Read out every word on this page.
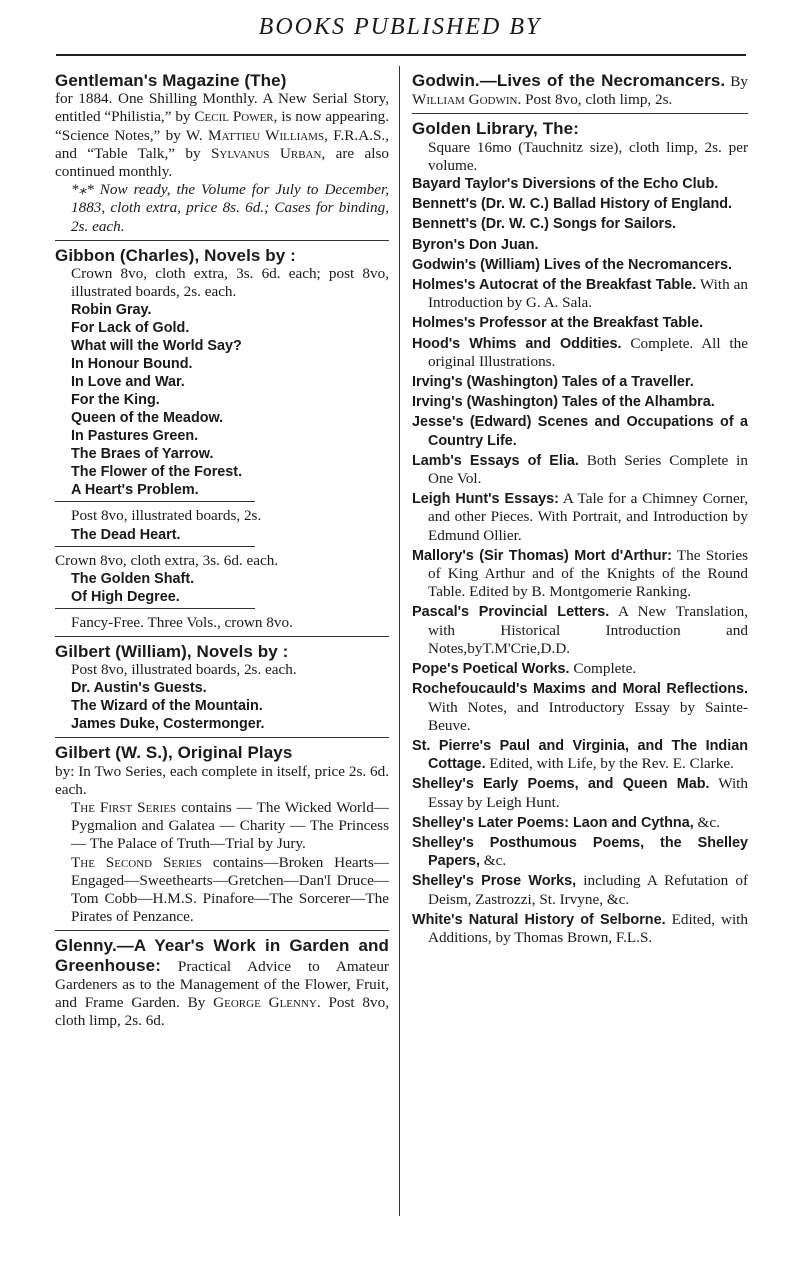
BOOKS PUBLISHED BY
Gentleman's Magazine (The)

for 1884. One Shilling Monthly. A New Serial Story, entitled “Philistia,” by Cecil Power, is now appearing. “Science Notes,” by W. Mattieu Williams, F.R.A.S., and “Table Talk,” by Sylvanus Urban, are also continued monthly.

*⁎* Now ready, the Volume for July to December, 1883, cloth extra, price 8s. 6d.; Cases for binding, 2s. each.

Gibbon (Charles), Novels by :

Crown 8vo, cloth extra, 3s. 6d. each; post 8vo, illustrated boards, 2s. each.

Robin Gray.
For Lack of Gold.
What will the World Say?
In Honour Bound.
In Love and War.
For the King.
Queen of the Meadow.
In Pastures Green.
The Braes of Yarrow.
The Flower of the Forest.
A Heart's Problem.

Post 8vo, illustrated boards, 2s.

The Dead Heart.

Crown 8vo, cloth extra, 3s. 6d. each.

The Golden Shaft.
Of High Degree.

Fancy-Free. Three Vols., crown 8vo.

Gilbert (William), Novels by :

Post 8vo, illustrated boards, 2s. each.

Dr. Austin's Guests.
The Wizard of the Mountain.
James Duke, Costermonger.
Gilbert (W. S.), Original Plays

by: In Two Series, each complete in itself, price 2s. 6d. each.

The First Series contains — The Wicked World—Pygmalion and Galatea — Charity — The Princess — The Palace of Truth—Trial by Jury.

The Second Series contains—Broken Hearts—Engaged—Sweethearts—Gretchen—Dan'l Druce—Tom Cobb—H.M.S. Pinafore—The Sorcerer—The Pirates of Penzance.

Glenny.—A Year's Work in Garden and Greenhouse: Practical Advice to Amateur Gardeners as to the Management of the Flower, Fruit, and Frame Garden. By George Glenny. Post 8vo, cloth limp, 2s. 6d.

Godwin.—Lives of the Necromancers. By William Godwin. Post 8vo, cloth limp, 2s.

Golden Library, The:

Square 16mo (Tauchnitz size), cloth limp, 2s. per volume.

Bayard Taylor's Diversions of the Echo Club.

Bennett's (Dr. W. C.) Ballad History of England.

Bennett's (Dr. W. C.) Songs for Sailors.

Byron's Don Juan.

Godwin's (William) Lives of the Necromancers.

Holmes's Autocrat of the Breakfast Table. With an Introduction by G. A. Sala.

Holmes's Professor at the Breakfast Table.

Hood's Whims and Oddities. Complete. All the original Illustrations.

Irving's (Washington) Tales of a Traveller.

Irving's (Washington) Tales of the Alhambra.

Jesse's (Edward) Scenes and Occupations of a Country Life.

Lamb's Essays of Elia. Both Series Complete in One Vol.

Leigh Hunt's Essays: A Tale for a Chimney Corner, and other Pieces. With Portrait, and Introduction by Edmund Ollier.

Mallory's (Sir Thomas) Mort d'Arthur: The Stories of King Arthur and of the Knights of the Round Table. Edited by B. Montgomerie Ranking.

Pascal's Provincial Letters. A New Translation, with Historical Introduction and Notes,byT.M'Crie,D.D.

Pope's Poetical Works. Complete.

Rochefoucauld's Maxims and Moral Reflections. With Notes, and Introductory Essay by Sainte-Beuve.

St. Pierre's Paul and Virginia, and The Indian Cottage. Edited, with Life, by the Rev. E. Clarke.

Shelley's Early Poems, and Queen Mab. With Essay by Leigh Hunt.

Shelley's Later Poems: Laon and Cythna, &c.

Shelley's Posthumous Poems, the Shelley Papers, &c.

Shelley's Prose Works, including A Refutation of Deism, Zastrozzi, St. Irvyne, &c.

White's Natural History of Selborne. Edited, with Additions, by Thomas Brown, F.L.S.
